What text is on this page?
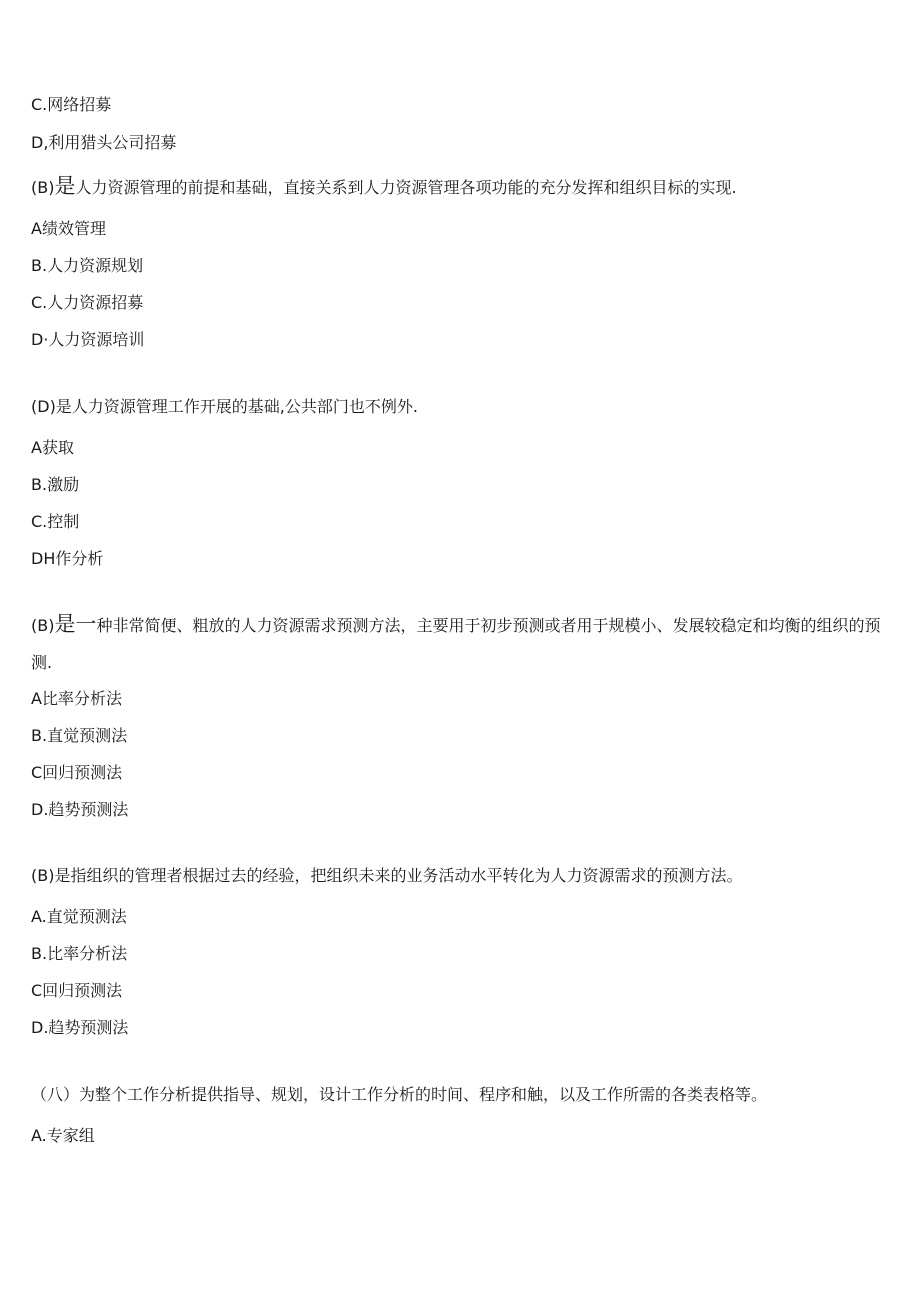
C.网络招募
D,利用猎头公司招募
(B)是人力资源管理的前提和基础，直接关系到人力资源管理各项功能的充分发挥和组织目标的实现.
A绩效管理
B.人力资源规划
C.人力资源招募
D·人力资源培训
(D)是人力资源管理工作开展的基础,公共部门也不例外.
A获取
B.激励
C.控制
DH作分析
(B)是一种非常简便、粗放的人力资源需求预测方法，主要用于初步预测或者用于规模小、发展较稳定和均衡的组织的预测.
A比率分析法
B.直觉预测法
C回归预测法
D.趋势预测法
(B)是指组织的管理者根据过去的经验，把组织未来的业务活动水平转化为人力资源需求的预测方法。
A.直觉预测法
B.比率分析法
C回归预测法
D.趋势预测法
（八）为整个工作分析提供指导、规划，设计工作分析的时间、程序和触，以及工作所需的各类表格等。
A.专家组
